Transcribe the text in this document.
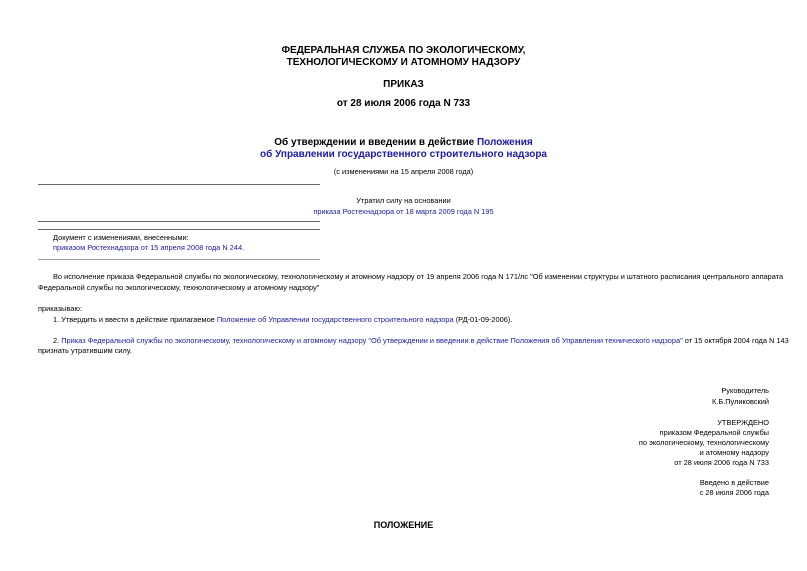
ФЕДЕРАЛЬНАЯ СЛУЖБА ПО ЭКОЛОГИЧЕСКОМУ,
ТЕХНОЛОГИЧЕСКОМУ И АТОМНОМУ НАДЗОРУ
ПРИКАЗ
от 28 июля 2006 года N 733
Об утверждении и введении в действие Положения
об Управлении государственного строительного надзора
(с изменениями на 15 апреля 2008 года)
Утратил силу на основании
приказа Ростехнадзора от 18 марта 2009 года N 195
Документ с изменениями, внесенными:
приказом Ростехнадзора от 15 апреля 2008 года N 244.
Во исполнение приказа Федеральной службы по экологическому, технологическому и атомному надзору от 19 апреля 2006 года N 171/лс "Об изменении структуры и штатного расписания центрального аппарата
Федеральной службы по экологическому, технологическому и атомному надзору"
приказываю:
1. Утвердить и ввести в действие прилагаемое Положение об Управлении государственного строительного надзора (РД-01-09-2006).
2. Приказ Федеральной службы по экологическому, технологическому и атомному надзору "Об утверждении и введении в действие Положения об Управлении технического надзора" от 15 октября 2004 года N 143
признать утратившим силу.
Руководитель
К.Б.Пуликовский
УТВЕРЖДЕНО
приказом Федеральной службы
по экологическому, технологическому
и атомному надзору
от 28 июля 2006 года N 733
Введено в действие
с 28 июля 2006 года
ПОЛОЖЕНИЕ
